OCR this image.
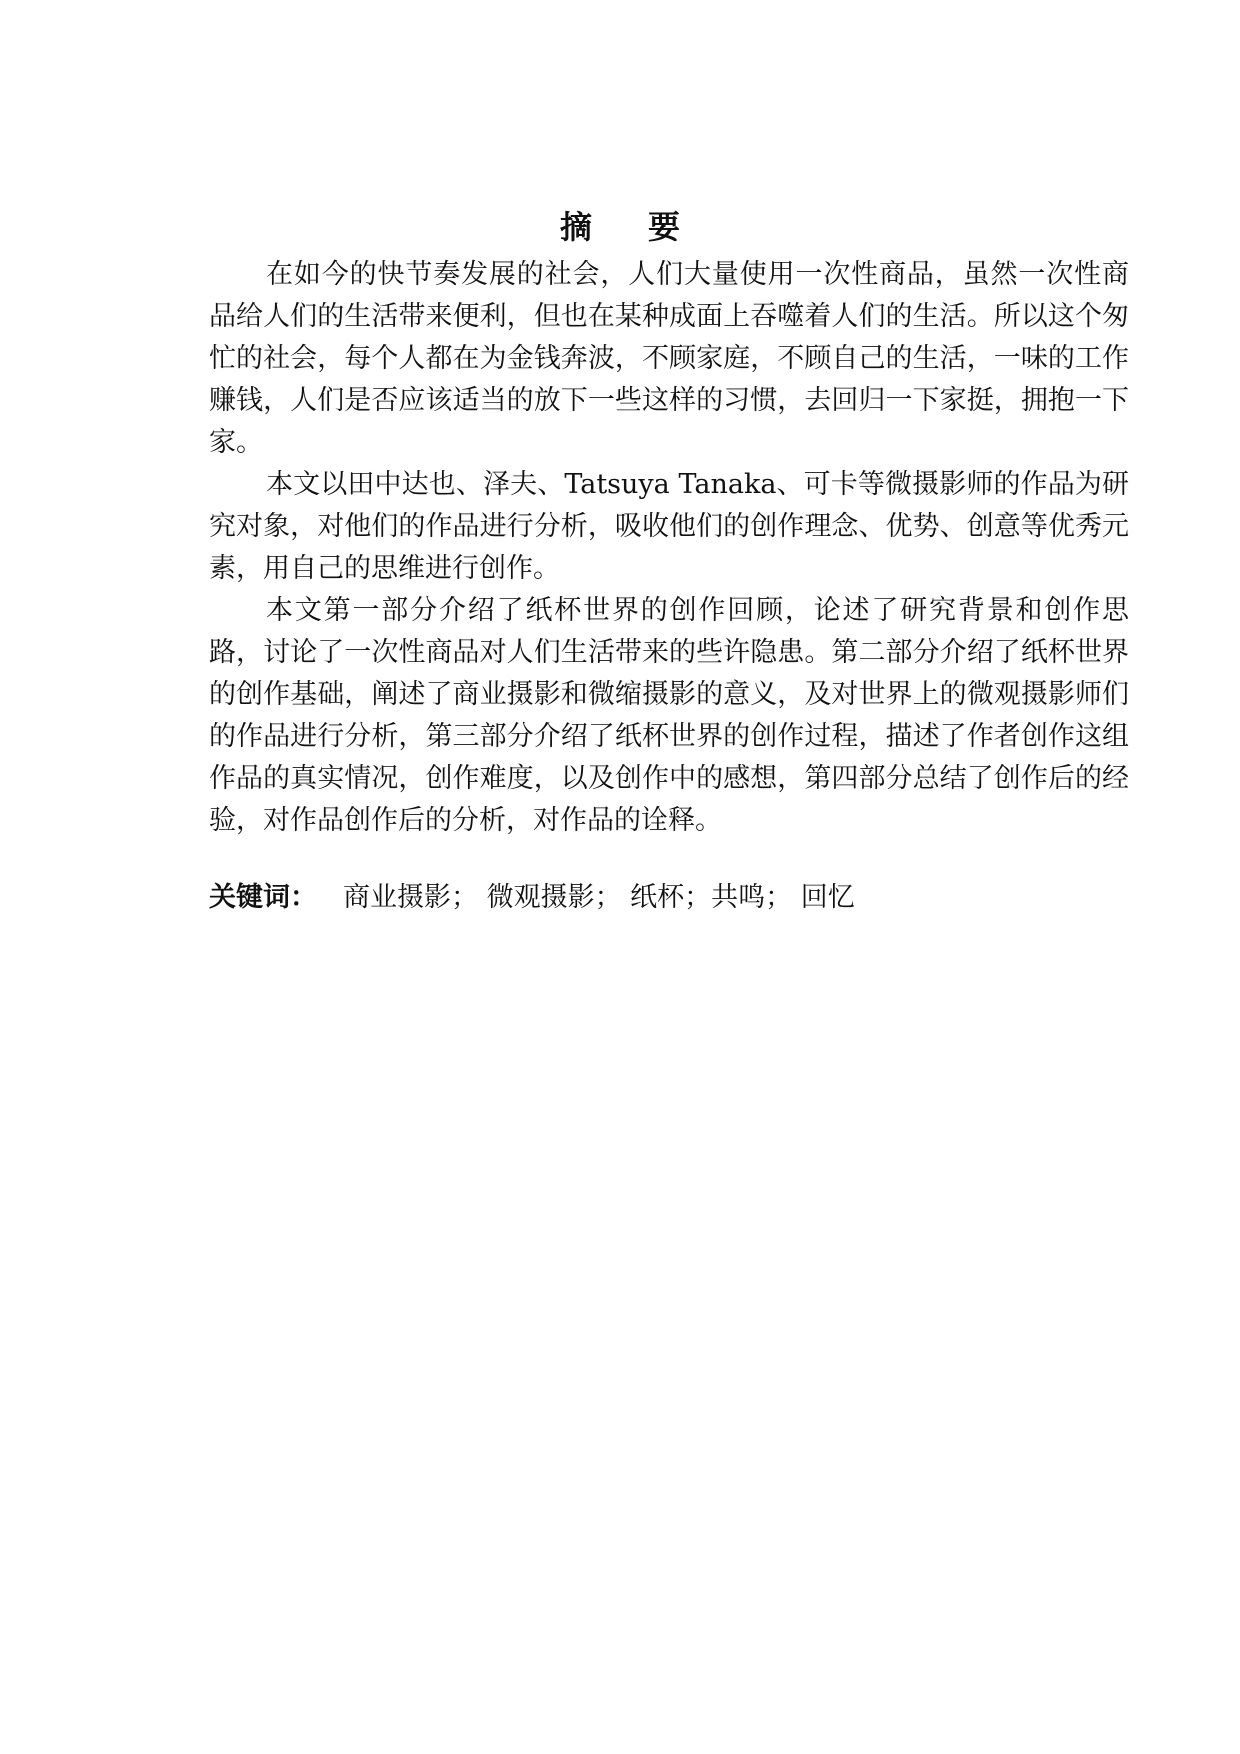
摘要

在如今的快节奏发展的社会，人们大量使用一次性商品，虽然一次性商品给人们的生活带来便利，但也在某种成面上吞噬着人们的生活。所以这个匆忙的社会，每个人都在为金钱奔波，不顾家庭，不顾自己的生活，一味的工作赚钱，人们是否应该适当的放下一些这样的习惯，去回归一下家挺，拥抱一下家。

本文以田中达也、泽夫、Tatsuya Tanaka、可卡等微摄影师的作品为研究对象，对他们的作品进行分析，吸收他们的创作理念、优势、创意等优秀元素，用自己的思维进行创作。

本文第一部分介绍了纸杯世界的创作回顾，论述了研究背景和创作思路，讨论了一次性商品对人们生活带来的些许隐患。第二部分介绍了纸杯世界的创作基础，阐述了商业摄影和微缩摄影的意义，及对世界上的微观摄影师们的作品进行分析，第三部分介绍了纸杯世界的创作过程，描述了作者创作这组作品的真实情况，创作难度，以及创作中的感想，第四部分总结了创作后的经验，对作品创作后的分析，对作品的诠释。

关键词： 商业摄影； 微观摄影； 纸杯；共鸣； 回忆
